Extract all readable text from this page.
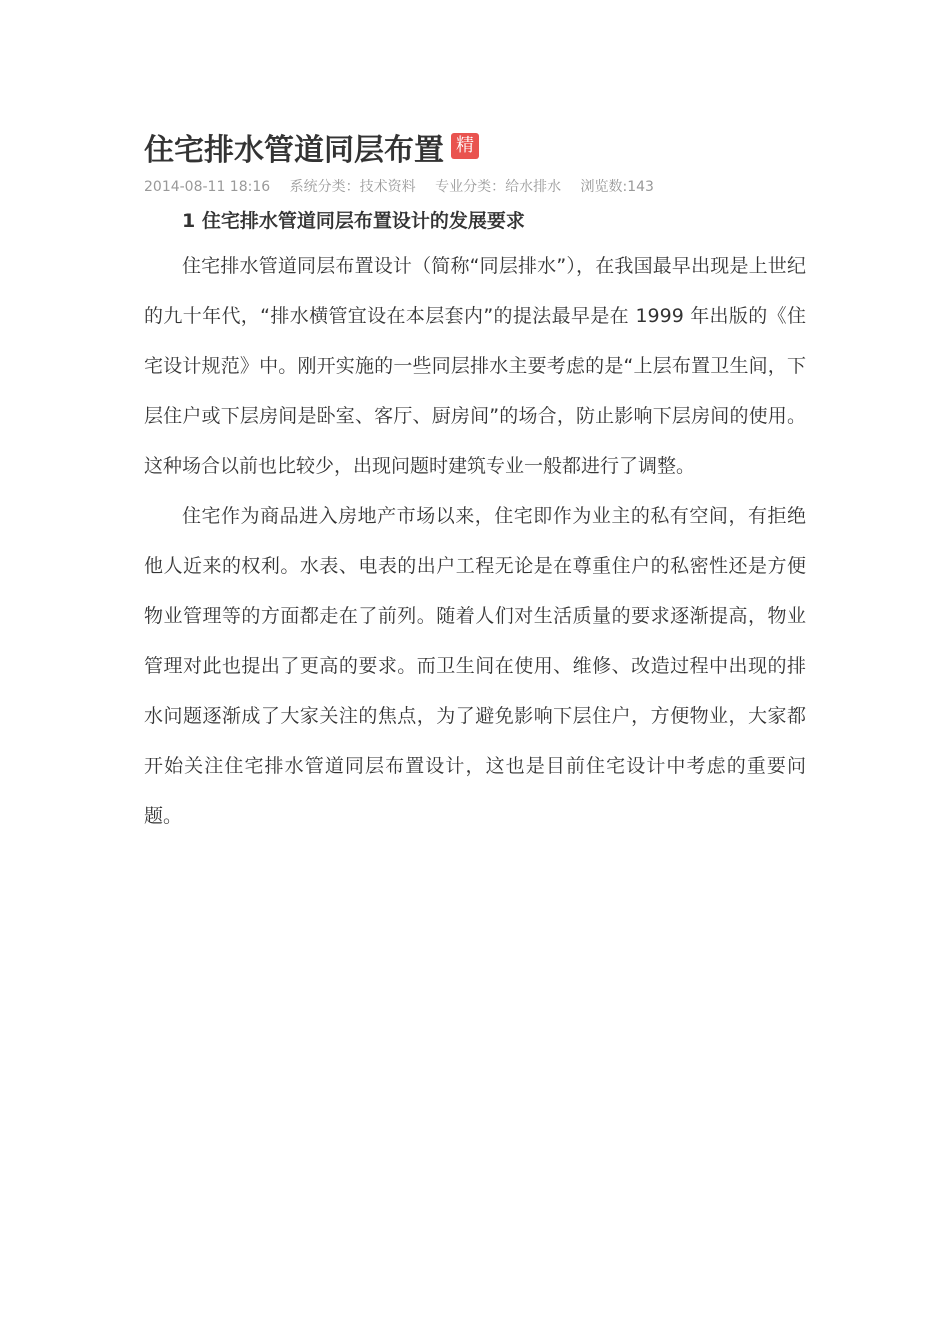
住宅排水管道同层布置 精
2014-08-11 18:16 系统分类：技术资料 专业分类：给水排水 浏览数:143
1 住宅排水管道同层布置设计的发展要求

住宅排水管道同层布置设计（简称“同层排水”），在我国最早出现是上世纪的九十年代，“排水横管宜设在本层套内”的提法最早是在 1999 年出版的《住宅设计规范》中。刚开实施的一些同层排水主要考虑的是“上层布置卫生间，下层住户或下层房间是卧室、客厅、厨房间”的场合，防止影响下层房间的使用。这种场合以前也比较少，出现问题时建筑专业一般都进行了调整。

住宅作为商品进入房地产市场以来，住宅即作为业主的私有空间，有拒绝他人近来的权利。水表、电表的出户工程无论是在尊重住户的私密性还是方便物业管理等的方面都走在了前列。随着人们对生活质量的要求逐渐提高，物业管理对此也提出了更高的要求。而卫生间在使用、维修、改造过程中出现的排水问题逐渐成了大家关注的焦点，为了避免影响下层住户，方便物业，大家都开始关注住宅排水管道同层布置设计，这也是目前住宅设计中考虑的重要问题。
